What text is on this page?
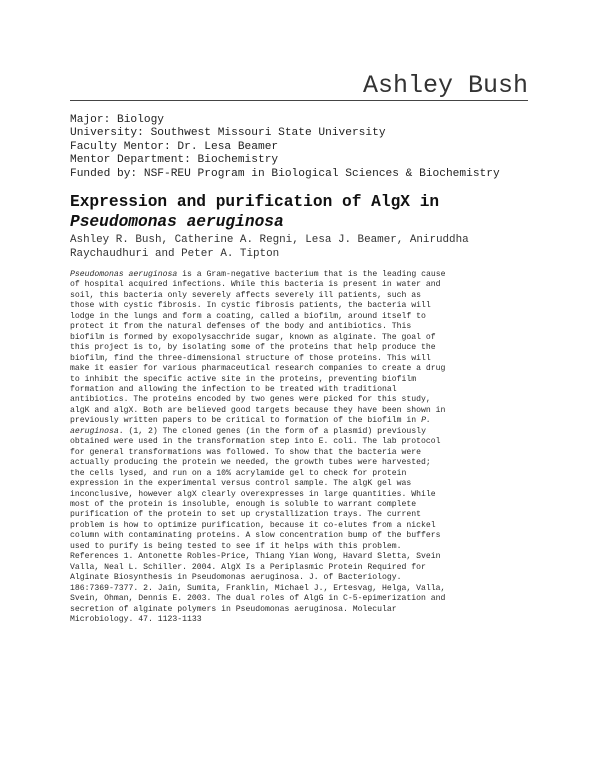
Ashley Bush
Major: Biology
University: Southwest Missouri State University
Faculty Mentor: Dr. Lesa Beamer
Mentor Department: Biochemistry
Funded by: NSF-REU Program in Biological Sciences & Biochemistry
Expression and purification of AlgX in
Pseudomonas aeruginosa
Ashley R. Bush, Catherine A. Regni, Lesa J. Beamer, Aniruddha
Raychaudhuri and Peter A. Tipton
Pseudomonas aeruginosa is a Gram-negative bacterium that is the leading cause
of hospital acquired infections. While this bacteria is present in water and
soil, this bacteria only severely affects severely ill patients, such as
those with cystic fibrosis. In cystic fibrosis patients, the bacteria will
lodge in the lungs and form a coating, called a biofilm, around itself to
protect it from the natural defenses of the body and antibiotics. This
biofilm is formed by exopolysacchride sugar, known as alginate. The goal of
this project is to, by isolating some of the proteins that help produce the
biofilm, find the three-dimensional structure of those proteins. This will
make it easier for various pharmaceutical research companies to create a drug
to inhibit the specific active site in the proteins, preventing biofilm
formation and allowing the infection to be treated with traditional
antibiotics. The proteins encoded by two genes were picked for this study,
algK and algX. Both are believed good targets because they have been shown in
previously written papers to be critical to formation of the biofilm in P.
aeruginosa. (1, 2) The cloned genes (in the form of a plasmid) previously
obtained were used in the transformation step into E. coli. The lab protocol
for general transformations was followed. To show that the bacteria were
actually producing the protein we needed, the growth tubes were harvested;
the cells lysed, and run on a 10% acrylamide gel to check for protein
expression in the experimental versus control sample. The algK gel was
inconclusive, however algX clearly overexpresses in large quantities. While
most of the protein is insoluble, enough is soluble to warrant complete
purification of the protein to set up crystallization trays. The current
problem is how to optimize purification, because it co-elutes from a nickel
column with contaminating proteins. A slow concentration bump of the buffers
used to purify is being tested to see if it helps with this problem.
References 1. Antonette Robles-Price, Thiang Yian Wong, Havard Sletta, Svein
Valla, Neal L. Schiller. 2004. AlgX Is a Periplasmic Protein Required for
Alginate Biosynthesis in Pseudomonas aeruginosa. J. of Bacteriology.
186:7369-7377. 2. Jain, Sumita, Franklin, Michael J., Ertesvag, Helga, Valla,
Svein, Ohman, Dennis E. 2003. The dual roles of AlgG in C-5-epimerization and
secretion of alginate polymers in Pseudomonas aeruginosa. Molecular
Microbiology. 47. 1123-1133
